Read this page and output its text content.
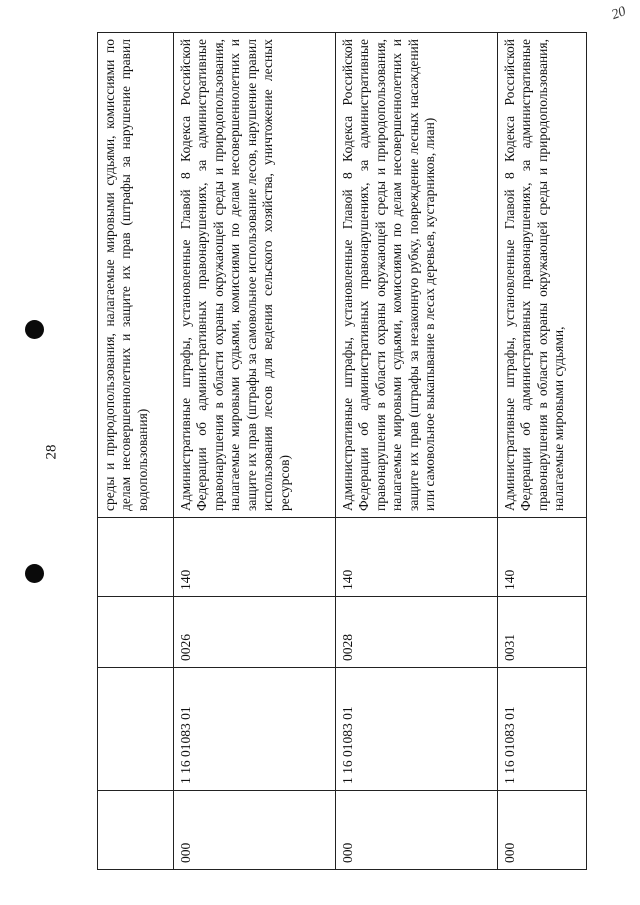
28
20
				среды и природопользования, налагаемые мировыми судьями, комиссиями по делам несовершеннолетних и защите их прав (штрафы за нарушение правил водопользования)
000	1 16 01083 01	0026	140	Административные штрафы, установленные Главой 8 Кодекса Российской Федерации об административных правонарушениях, за административные правонарушения в области охраны окружающей среды и природопользования, налагаемые мировыми судьями, комиссиями по делам несовершеннолетних и защите их прав (штрафы за самовольное использование лесов, нарушение правил использования лесов для ведения сельского хозяйства, уничтожение лесных ресурсов)
000	1 16 01083 01	0028	140	Административные штрафы, установленные Главой 8 Кодекса Российской Федерации об административных правонарушениях, за административные правонарушения в области охраны окружающей среды и природопользования, налагаемые мировыми судьями, комиссиями по делам несовершеннолетних и защите их прав (штрафы за незаконную рубку, повреждение лесных насаждений или самовольное выкапывание в лесах деревьев, кустарников, лиан)
000	1 16 01083 01	0031	140	Административные штрафы, установленные Главой 8 Кодекса Российской Федерации об административных правонарушениях, за административные правонарушения в области охраны окружающей среды и природопользования, налагаемые мировыми судьями,
